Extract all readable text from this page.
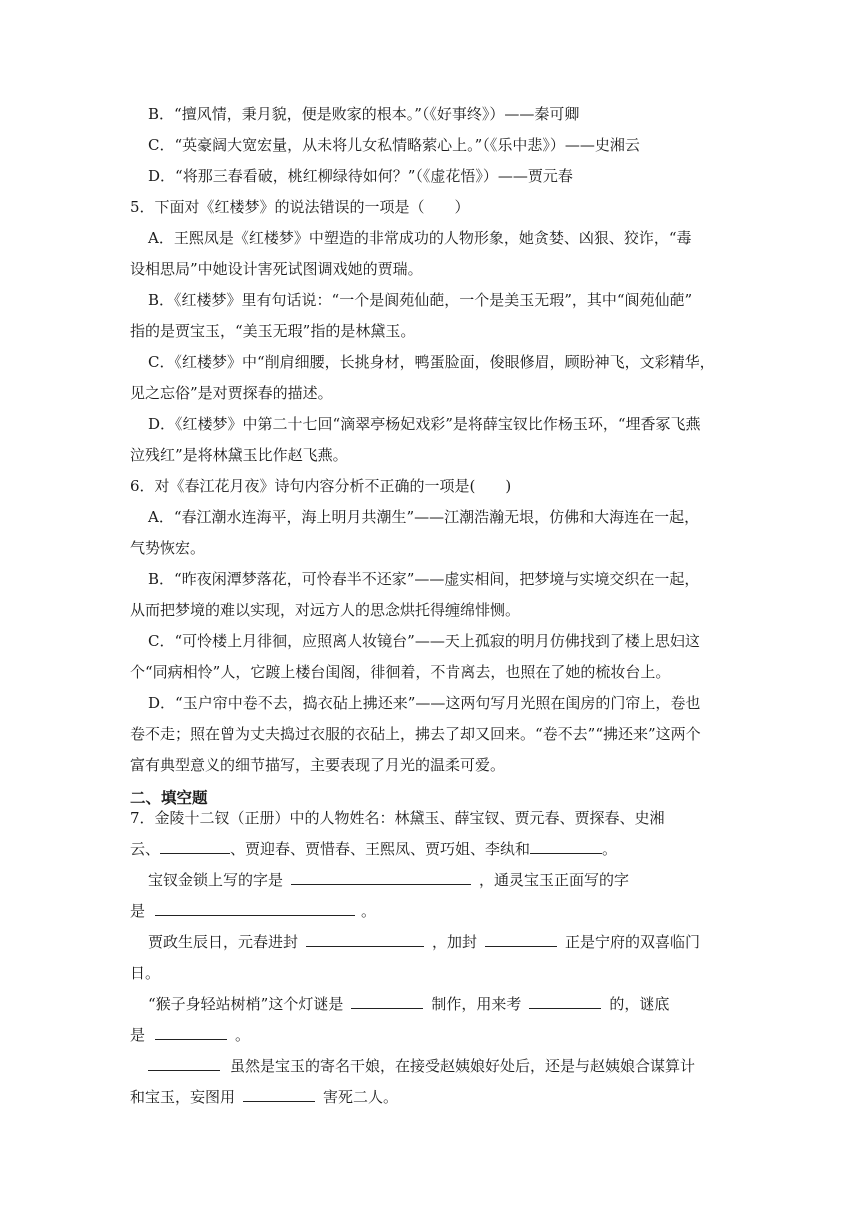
B．“擅风情，秉月貌，便是败家的根本。”（《好事终》）——秦可卿
C．“英豪阔大宽宏量，从未将儿女私情略萦心上。”（《乐中悲》）——史湘云
D．“将那三春看破，桃红柳绿待如何？”（《虚花悟》）——贾元春
5．下面对《红楼梦》的说法错误的一项是（　　）
A．王熙凤是《红楼梦》中塑造的非常成功的人物形象，她贪婪、凶狠、狡诈，“毒
设相思局”中她设计害死试图调戏她的贾瑞。
B．《红楼梦》里有句话说：“一个是阆苑仙葩，一个是美玉无瑕”，其中“阆苑仙葩”
指的是贾宝玉，“美玉无瑕”指的是林黛玉。
C．《红楼梦》中“削肩细腰，长挑身材，鸭蛋脸面，俊眼修眉，顾盼神飞，文彩精华，
见之忘俗”是对贾探春的描述。
D．《红楼梦》中第二十七回“滴翠亭杨妃戏彩”是将薛宝钗比作杨玉环，“埋香冢飞燕
泣残红”是将林黛玉比作赵飞燕。
6．对《春江花月夜》诗句内容分析不正确的一项是(　　)
A．“春江潮水连海平，海上明月共潮生”——江潮浩瀚无垠，仿佛和大海连在一起，
气势恢宏。
B．“昨夜闲潭梦落花，可怜春半不还家”——虚实相间，把梦境与实境交织在一起，
从而把梦境的难以实现，对远方人的思念烘托得缠绵悱恻。
C．“可怜楼上月徘徊，应照离人妆镜台”——天上孤寂的明月仿佛找到了楼上思妇这
个“同病相怜”人，它踱上楼台闺阁，徘徊着，不肯离去，也照在了她的梳妆台上。
D．“玉户帘中卷不去，捣衣砧上拂还来”——这两句写月光照在闺房的门帘上，卷也
卷不走；照在曾为丈夫捣过衣服的衣砧上，拂去了却又回来。“卷不去”“拂还来”这两个
富有典型意义的细节描写，主要表现了月光的温柔可爱。
二、填空题
7．金陵十二钗（正册）中的人物姓名：林黛玉、薛宝钗、贾元春、贾探春、史湘
云、	、贾迎春、贾惜春、王熙凤、贾巧姐、李纨和	。
宝钗金锁上写的字是	，通灵宝玉正面写的字
是	。
贾政生辰日，元春进封	，加封	正是宁府的双喜临门
日。
“猴子身轻站树梢”这个灯谜是	制作，用来考	的，谜底
是	。
虽然是宝玉的寄名干娘，在接受赵姨娘好处后，还是与赵姨娘合谋算计
和宝玉，妄图用	害死二人。
